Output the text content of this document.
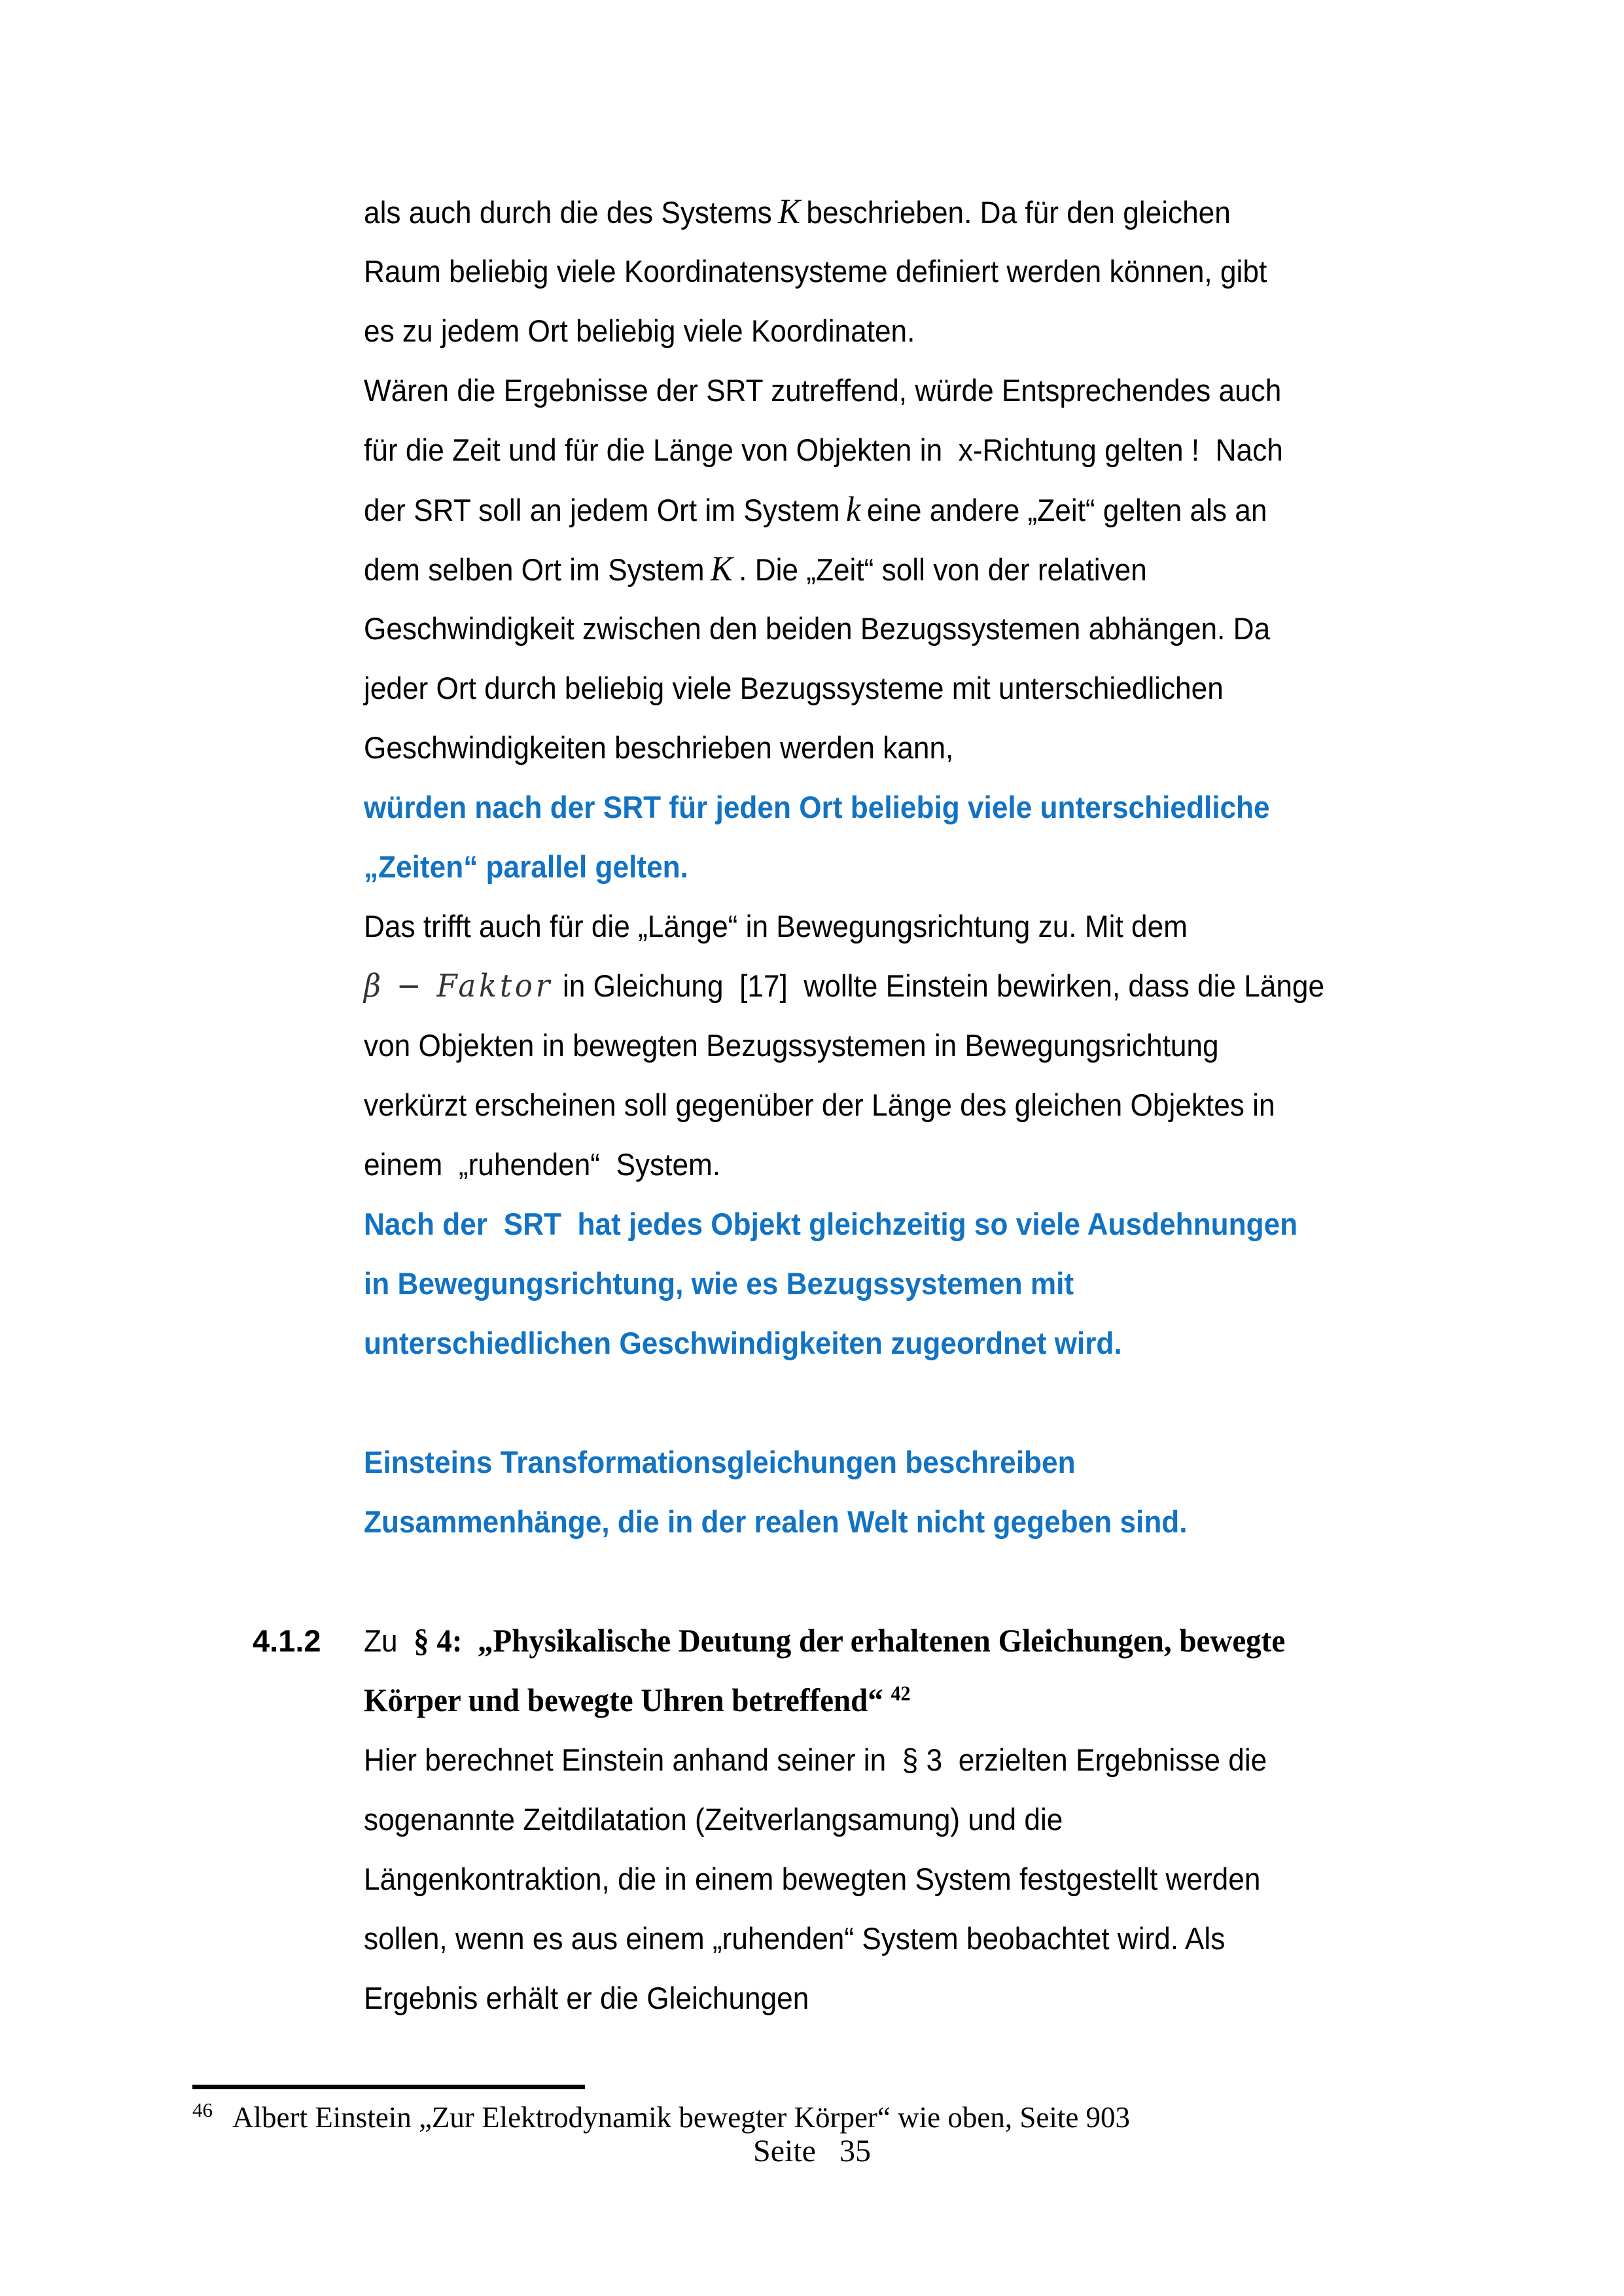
als auch durch die des Systems K beschrieben. Da für den gleichen
Raum beliebig viele Koordinatensysteme definiert werden können, gibt
es zu jedem Ort beliebig viele Koordinaten.
Wären die Ergebnisse der SRT zutreffend, würde Entsprechendes auch
für die Zeit und für die Länge von Objekten in  x-Richtung gelten !  Nach
der SRT soll an jedem Ort im System k eine andere „Zeit“ gelten als an
dem selben Ort im System K . Die „Zeit“ soll von der relativen
Geschwindigkeit zwischen den beiden Bezugssystemen abhängen. Da
jeder Ort durch beliebig viele Bezugssysteme mit unterschiedlichen
Geschwindigkeiten beschrieben werden kann,
würden nach der SRT für jeden Ort beliebig viele unterschiedliche
„Zeiten“ parallel gelten.
Das trifft auch für die „Länge“ in Bewegungsrichtung zu. Mit dem
β − Faktor in Gleichung  [17]  wollte Einstein bewirken, dass die Länge
von Objekten in bewegten Bezugssystemen in Bewegungsrichtung
verkürzt erscheinen soll gegenüber der Länge des gleichen Objektes in
einem  „ruhenden“  System.
Nach der  SRT  hat jedes Objekt gleichzeitig so viele Ausdehnungen
in Bewegungsrichtung, wie es Bezugssystemen mit
unterschiedlichen Geschwindigkeiten zugeordnet wird.
Einsteins Transformationsgleichungen beschreiben
Zusammenhänge, die in der realen Welt nicht gegeben sind.
4.1.2 Zu  § 4:  „Physikalische Deutung der erhaltenen Gleichungen, bewegte
Körper und bewegte Uhren betreffend“ $^{42}$
Hier berechnet Einstein anhand seiner in  § 3  erzielten Ergebnisse die
sogenannte Zeitdilatation (Zeitverlangsamung) und die
Längenkontraktion, die in einem bewegten System festgestellt werden
sollen, wenn es aus einem „ruhenden“ System beobachtet wird. Als
Ergebnis erhält er die Gleichungen
$^{46}$ Albert Einstein „Zur Elektrodynamik bewegter Körper“ wie oben, Seite 903
Seite 35
